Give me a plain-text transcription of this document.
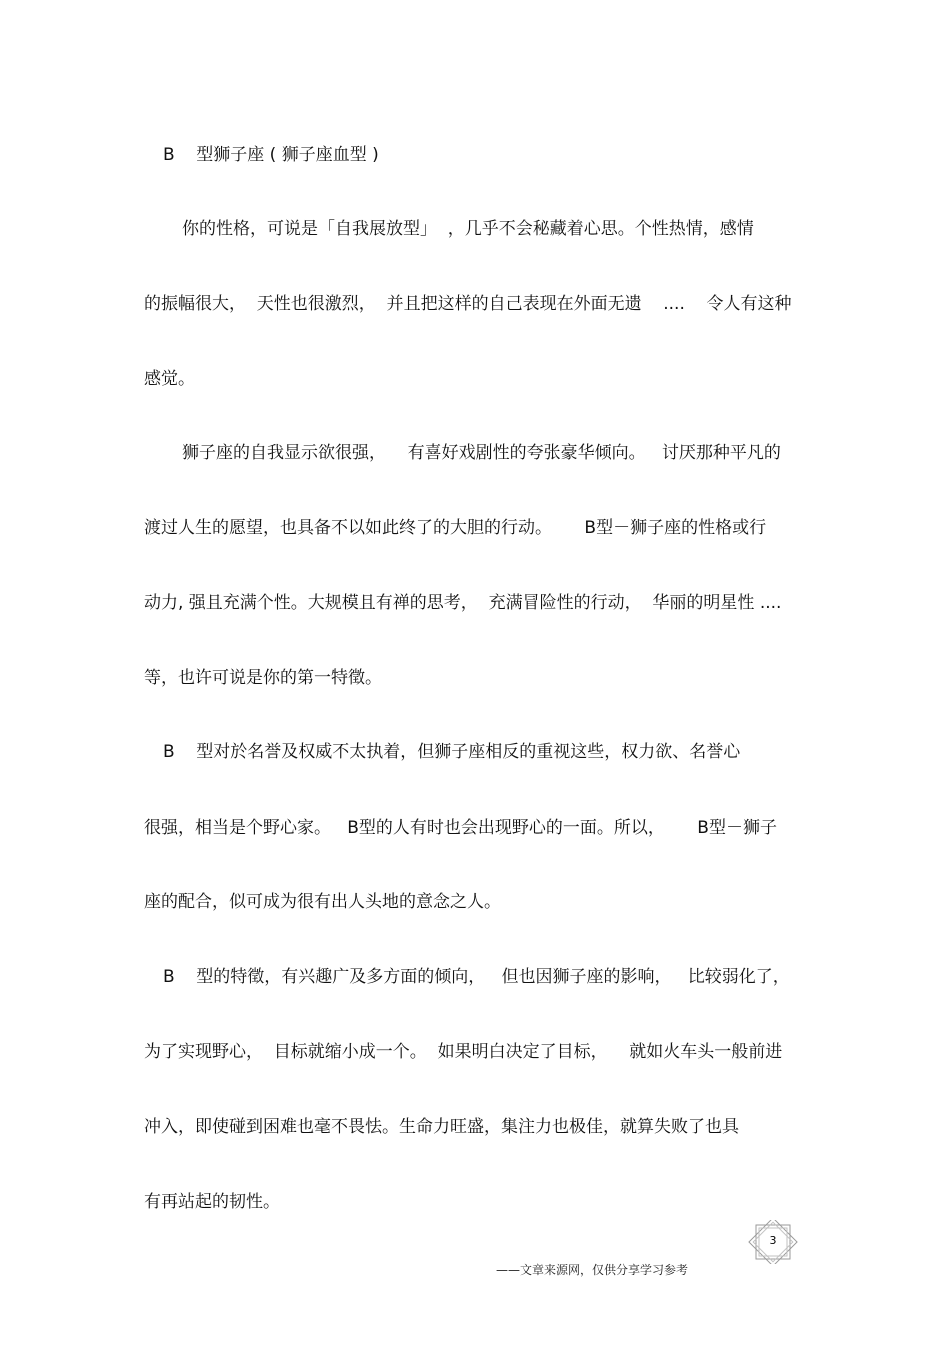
B    型狮子座 ( 狮子座血型 )

你的性格，可说是「自我展放型」  ，几乎不会秘藏着心思。个性热情，感情

的振幅很大，  天性也很激烈，  并且把这样的自己表现在外面无遗    ....    令人有这种

感觉。

狮子座的自我显示欲很强，    有喜好戏剧性的夸张豪华倾向。   讨厌那种平凡的

渡过人生的愿望，也具备不以如此终了的大胆的行动。      B型－狮子座的性格或行

动力, 强且充满个性。大规模且有禅的思考，  充满冒险性的行动，  华丽的明星性 ....

等，也许可说是你的第一特徵。

B    型对於名誉及权威不太执着，但狮子座相反的重视这些，权力欲、名誉心

很强，相当是个野心家。   B型的人有时也会出现野心的一面。所以，      B型－狮子

座的配合，似可成为很有出人头地的意念之人。

B    型的特徵，有兴趣广及多方面的倾向，   但也因狮子座的影响，   比较弱化了，

为了实现野心，  目标就缩小成一个。  如果明白决定了目标，    就如火车头一般前进

冲入，即使碰到困难也毫不畏怯。生命力旺盛，集注力也极佳，就算失败了也具

有再站起的韧性。

3

——文章来源网，仅供分享学习参考
